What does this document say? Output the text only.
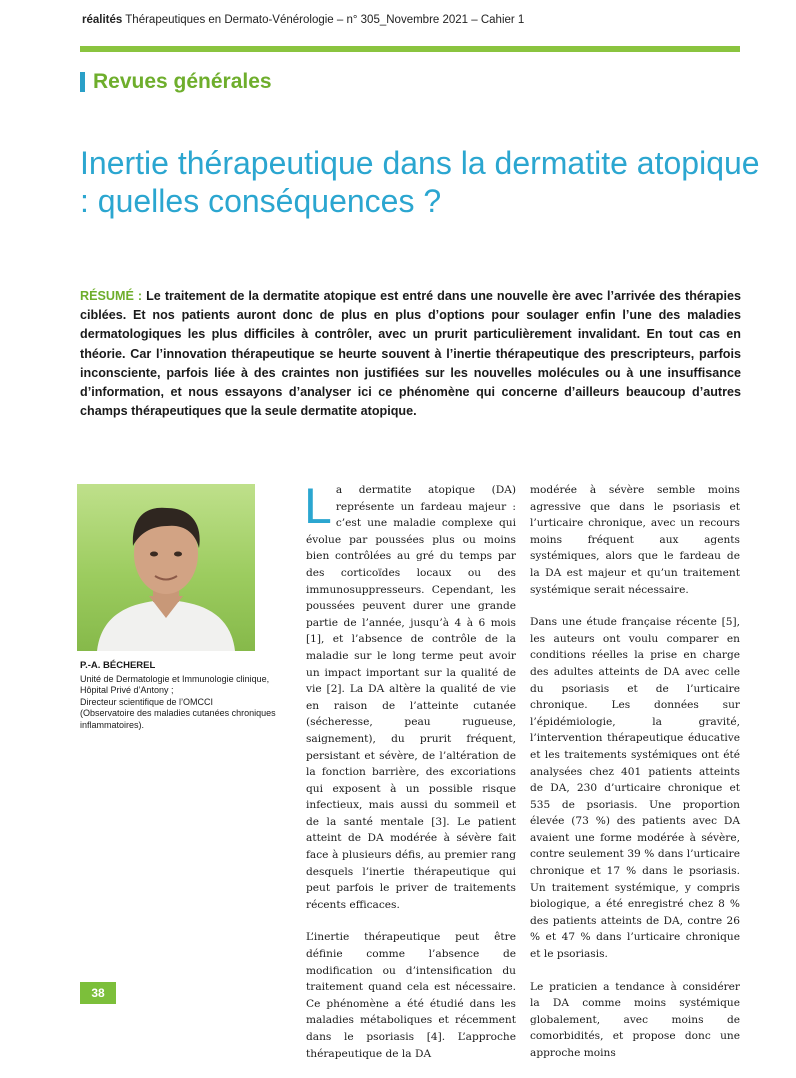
réalités Thérapeutiques en Dermato-Vénérologie – n° 305_Novembre 2021 – Cahier 1
Revues générales
Inertie thérapeutique dans la dermatite atopique : quelles conséquences ?
RÉSUMÉ : Le traitement de la dermatite atopique est entré dans une nouvelle ère avec l’arrivée des thérapies ciblées. Et nos patients auront donc de plus en plus d’options pour soulager enfin l’une des maladies dermatologiques les plus difficiles à contrôler, avec un prurit particulièrement invalidant. En tout cas en théorie. Car l’innovation thérapeutique se heurte souvent à l’inertie thérapeutique des prescripteurs, parfois inconsciente, parfois liée à des craintes non justifiées sur les nouvelles molécules ou à une insuffisance d’information, et nous essayons d’analyser ici ce phénomène qui concerne d’ailleurs beaucoup d’autres champs thérapeutiques que la seule dermatite atopique.
P.-A. BÉCHEREL
Unité de Dermatologie et Immunologie clinique, Hôpital Privé d’Antony ;
Directeur scientifique de l’OMCCI
(Observatoire des maladies cutanées chroniques inflammatoires).

La dermatite atopique (DA) représente un fardeau majeur : c’est une maladie complexe qui évolue par poussées plus ou moins bien contrôlées au gré du temps par des corticoïdes locaux ou des immunosuppresseurs. Cependant, les poussées peuvent durer une grande partie de l’année, jusqu’à 4 à 6 mois [1], et l’absence de contrôle de la maladie sur le long terme peut avoir un impact important sur la qualité de vie [2]. La DA altère la qualité de vie en raison de l’atteinte cutanée (sécheresse, peau rugueuse, saignement), du prurit fréquent, persistant et sévère, de l’altération de la fonction barrière, des excoriations qui exposent à un possible risque infectieux, mais aussi du sommeil et de la santé mentale [3]. Le patient atteint de DA modérée à sévère fait face à plusieurs défis, au premier rang desquels l’inertie thérapeutique qui peut parfois le priver de traitements récents efficaces.

L’inertie thérapeutique peut être définie comme l’absence de modification ou d’intensification du traitement quand cela est nécessaire. Ce phénomène a été étudié dans les maladies métaboliques et récemment dans le psoriasis [4]. L’approche thérapeutique de la DA

modérée à sévère semble moins agressive que dans le psoriasis et l’urticaire chronique, avec un recours moins fréquent aux agents systémiques, alors que le fardeau de la DA est majeur et qu’un traitement systémique serait nécessaire.

Dans une étude française récente [5], les auteurs ont voulu comparer en conditions réelles la prise en charge des adultes atteints de DA avec celle du psoriasis et de l’urticaire chronique. Les données sur l’épidémiologie, la gravité, l’intervention thérapeutique éducative et les traitements systémiques ont été analysées chez 401 patients atteints de DA, 230 d’urticaire chronique et 535 de psoriasis. Une proportion élevée (73 %) des patients avec DA avaient une forme modérée à sévère, contre seulement 39 % dans l’urticaire chronique et 17 % dans le psoriasis. Un traitement systémique, y compris biologique, a été enregistré chez 8 % des patients atteints de DA, contre 26 % et 47 % dans l’urticaire chronique et le psoriasis.

Le praticien a tendance à considérer la DA comme moins systémique globalement, avec moins de comorbidités, et propose donc une approche moins

38
